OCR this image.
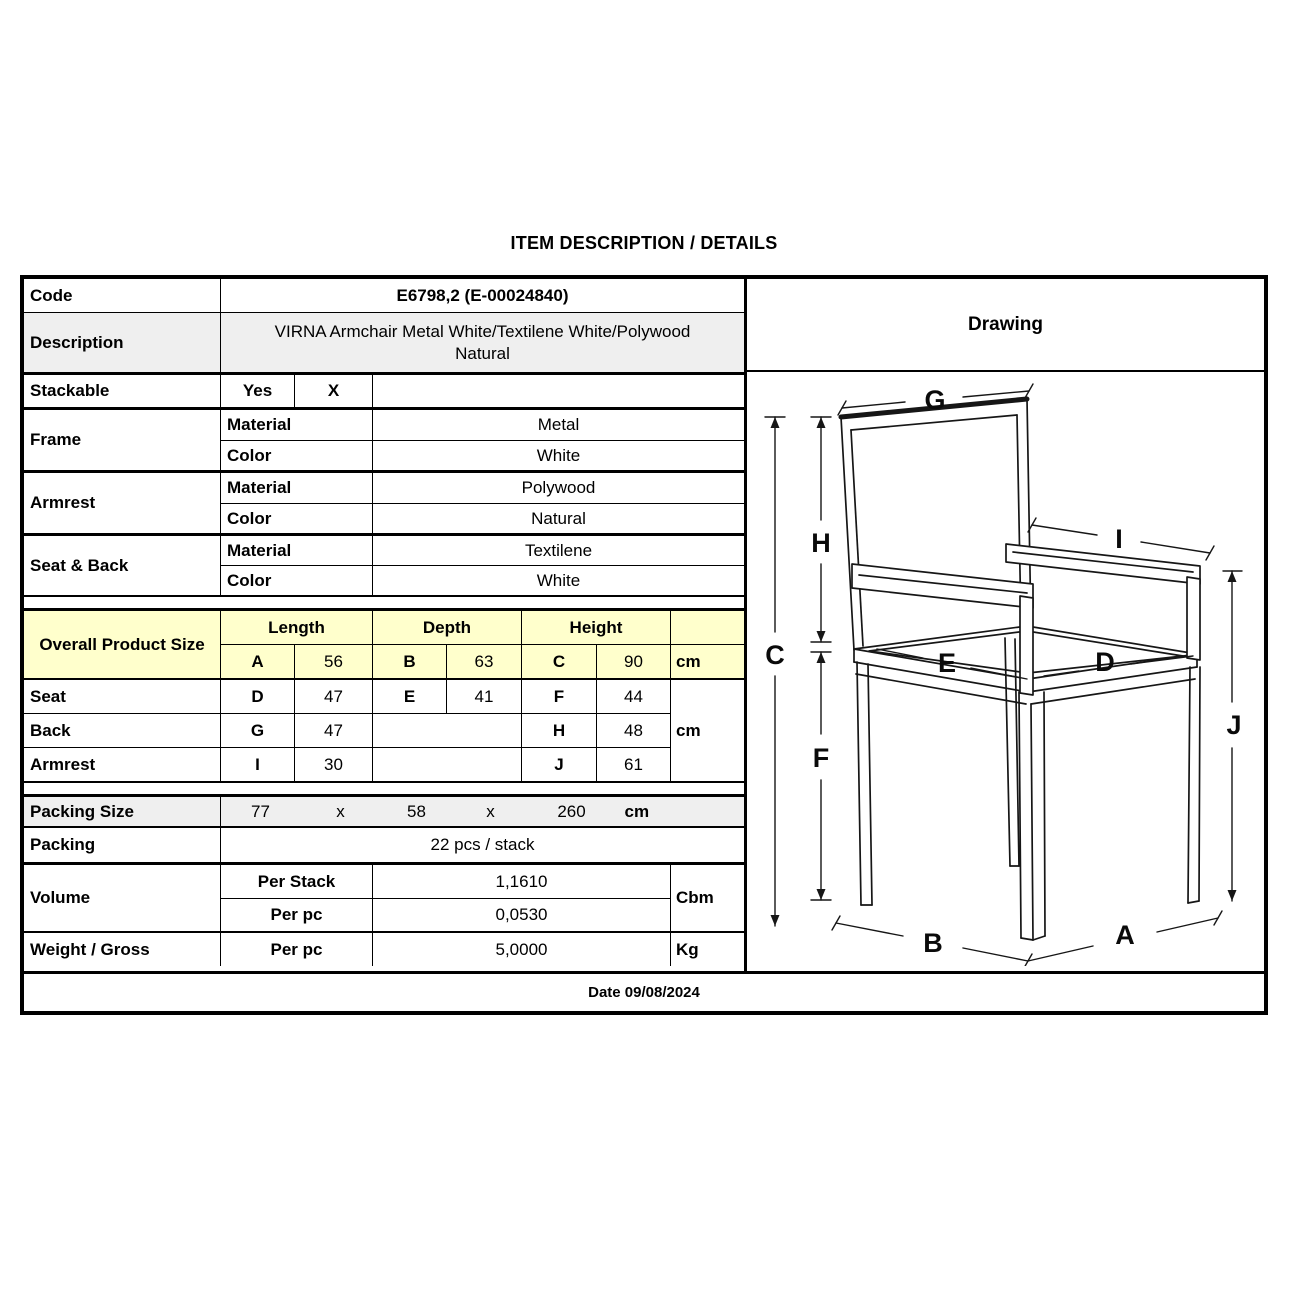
ITEM DESCRIPTION / DETAILS
Code	E6798,2 (E-00024840)
Description
VIRNA Armchair Metal White/Textilene White/Polywood Natural
Stackable	Yes	X
Frame
Material	Metal
Color	White
Armrest
Material	Polywood
Color	Natural
Seat & Back
Material	Textilene
Color	White
Overall Product Size
Length	Depth	Height
A	56	B	63	C	90	cm
Seat	D	47	E	41	F	44
Back	G	47	H	48
Armrest	I	30	J	61
cm
Packing Size	77	x	58	x	260	cm
Packing	22 pcs / stack
Volume
Per Stack	1,1610
Per pc	0,0530
Cbm
Weight / Gross	Per pc	5,0000	Kg
Drawing
G
H	I
C	E	D
F
J
B	A
Date 09/08/2024
